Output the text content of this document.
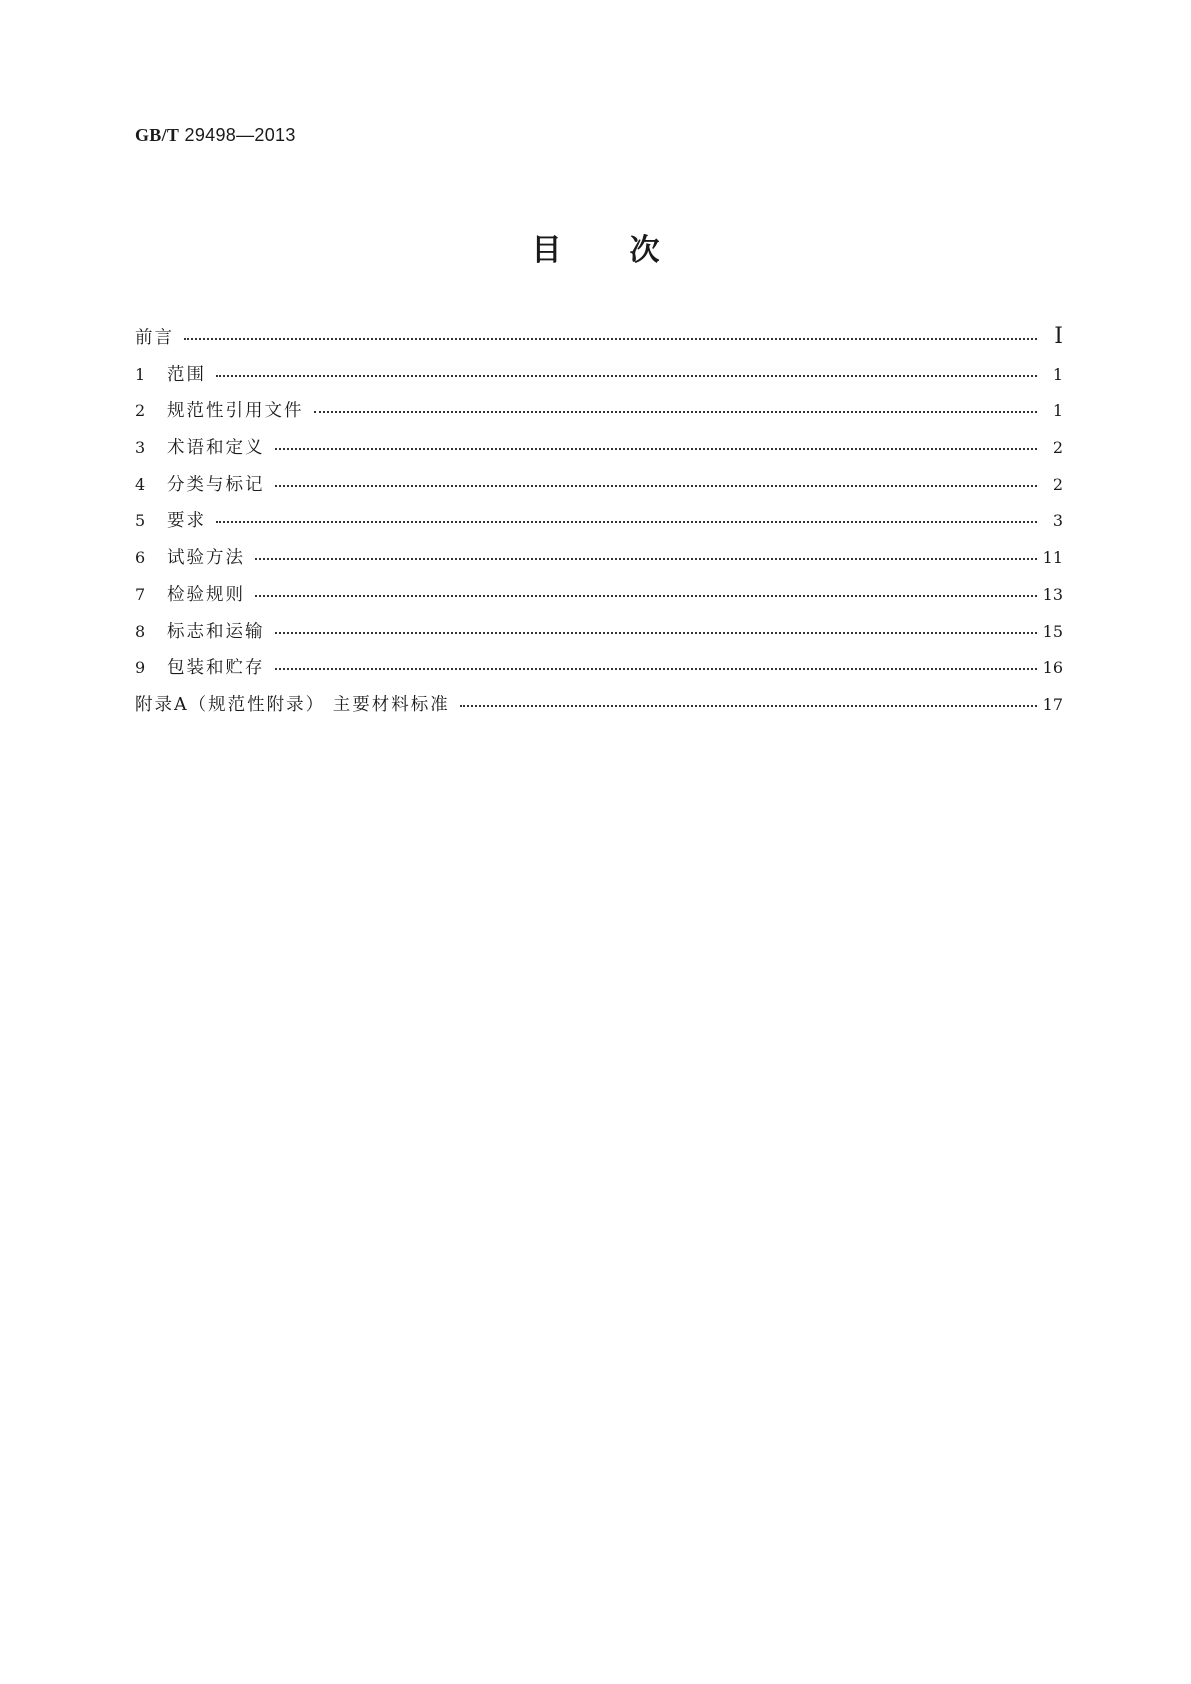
GB/T 29498—2013
目 次
前言	Ⅰ
1	范围	1
2	规范性引用文件	1
3	术语和定义	2
4	分类与标记	2
5	要求	3
6	试验方法	11
7	检验规则	13
8	标志和运输	15
9	包装和贮存	16
附录A（规范性附录） 主要材料标准	17
